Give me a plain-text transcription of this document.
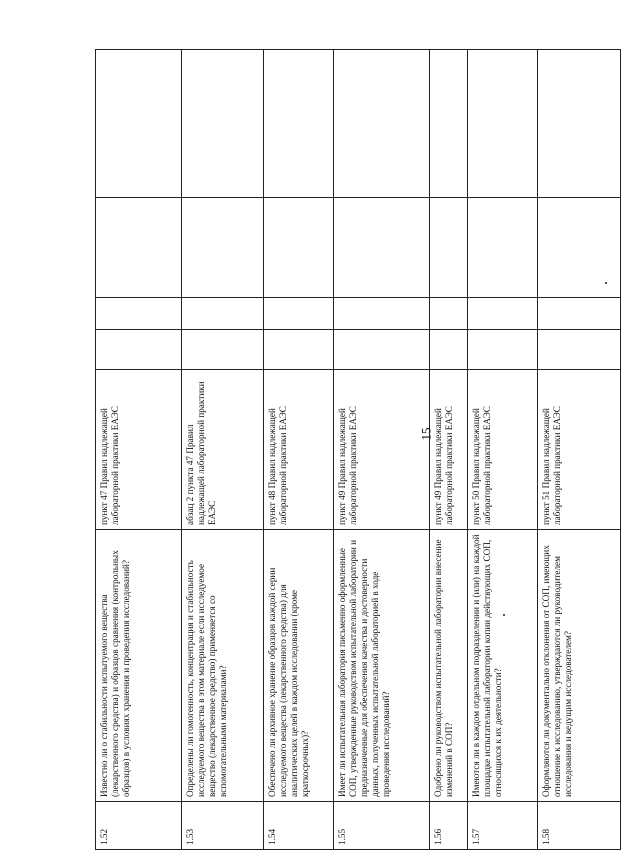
15
1.52	Известно ли о стабильности испытуемого вещества (лекарственного средства) и образцов сравнения (контрольных образцов) в условиях хранения и проведения исследований?	пункт 47 Правил надлежащей лабораторной практики ЕАЭС				
1.53	Определены ли гомогенность, концентрация и стабильность исследуемого вещества в этом материале если исследуемое вещество (лекарственное средство) применяется со вспомогательными материалами?	абзац 2 пункта 47 Правил надлежащей лабораторной практики ЕАЭС				
1.54	Обеспечено ли архивное хранение образцов каждой серии исследуемого вещества (лекарственного средства) для аналитических целей в каждом исследовании (кроме краткосрочных)?	пункт 48 Правил надлежащей лабораторной практики ЕАЭС				
1.55	Имеет ли испытательная лаборатория письменно оформленные СОП, утвержденные руководством испытательной лаборатории и предназначенные для обеспечения качества и достоверности данных, полученных испытательной лабораторией в ходе проведения исследований?	пункт 49 Правил надлежащей лабораторной практики ЕАЭС				
1.56	Одобрено ли руководством испытательной лаборатории внесение изменений в СОП?	пункт 49 Правил надлежащей лабораторной практики ЕАЭС				
1.57	Имеются ли в каждом отдельном подразделении и (или) на каждой площадке испытательной лаборатории копии действующих СОП, относящихся к их деятельности?	пункт 50 Правил надлежащей лабораторной практики ЕАЭС				
1.58	Оформляются ли документально отклонения от СОП, имеющих отношение к исследованию, утверждаются ли руководителем исследования и ведущим исследователем?	пункт 51 Правил надлежащей лабораторной практики ЕАЭС				
